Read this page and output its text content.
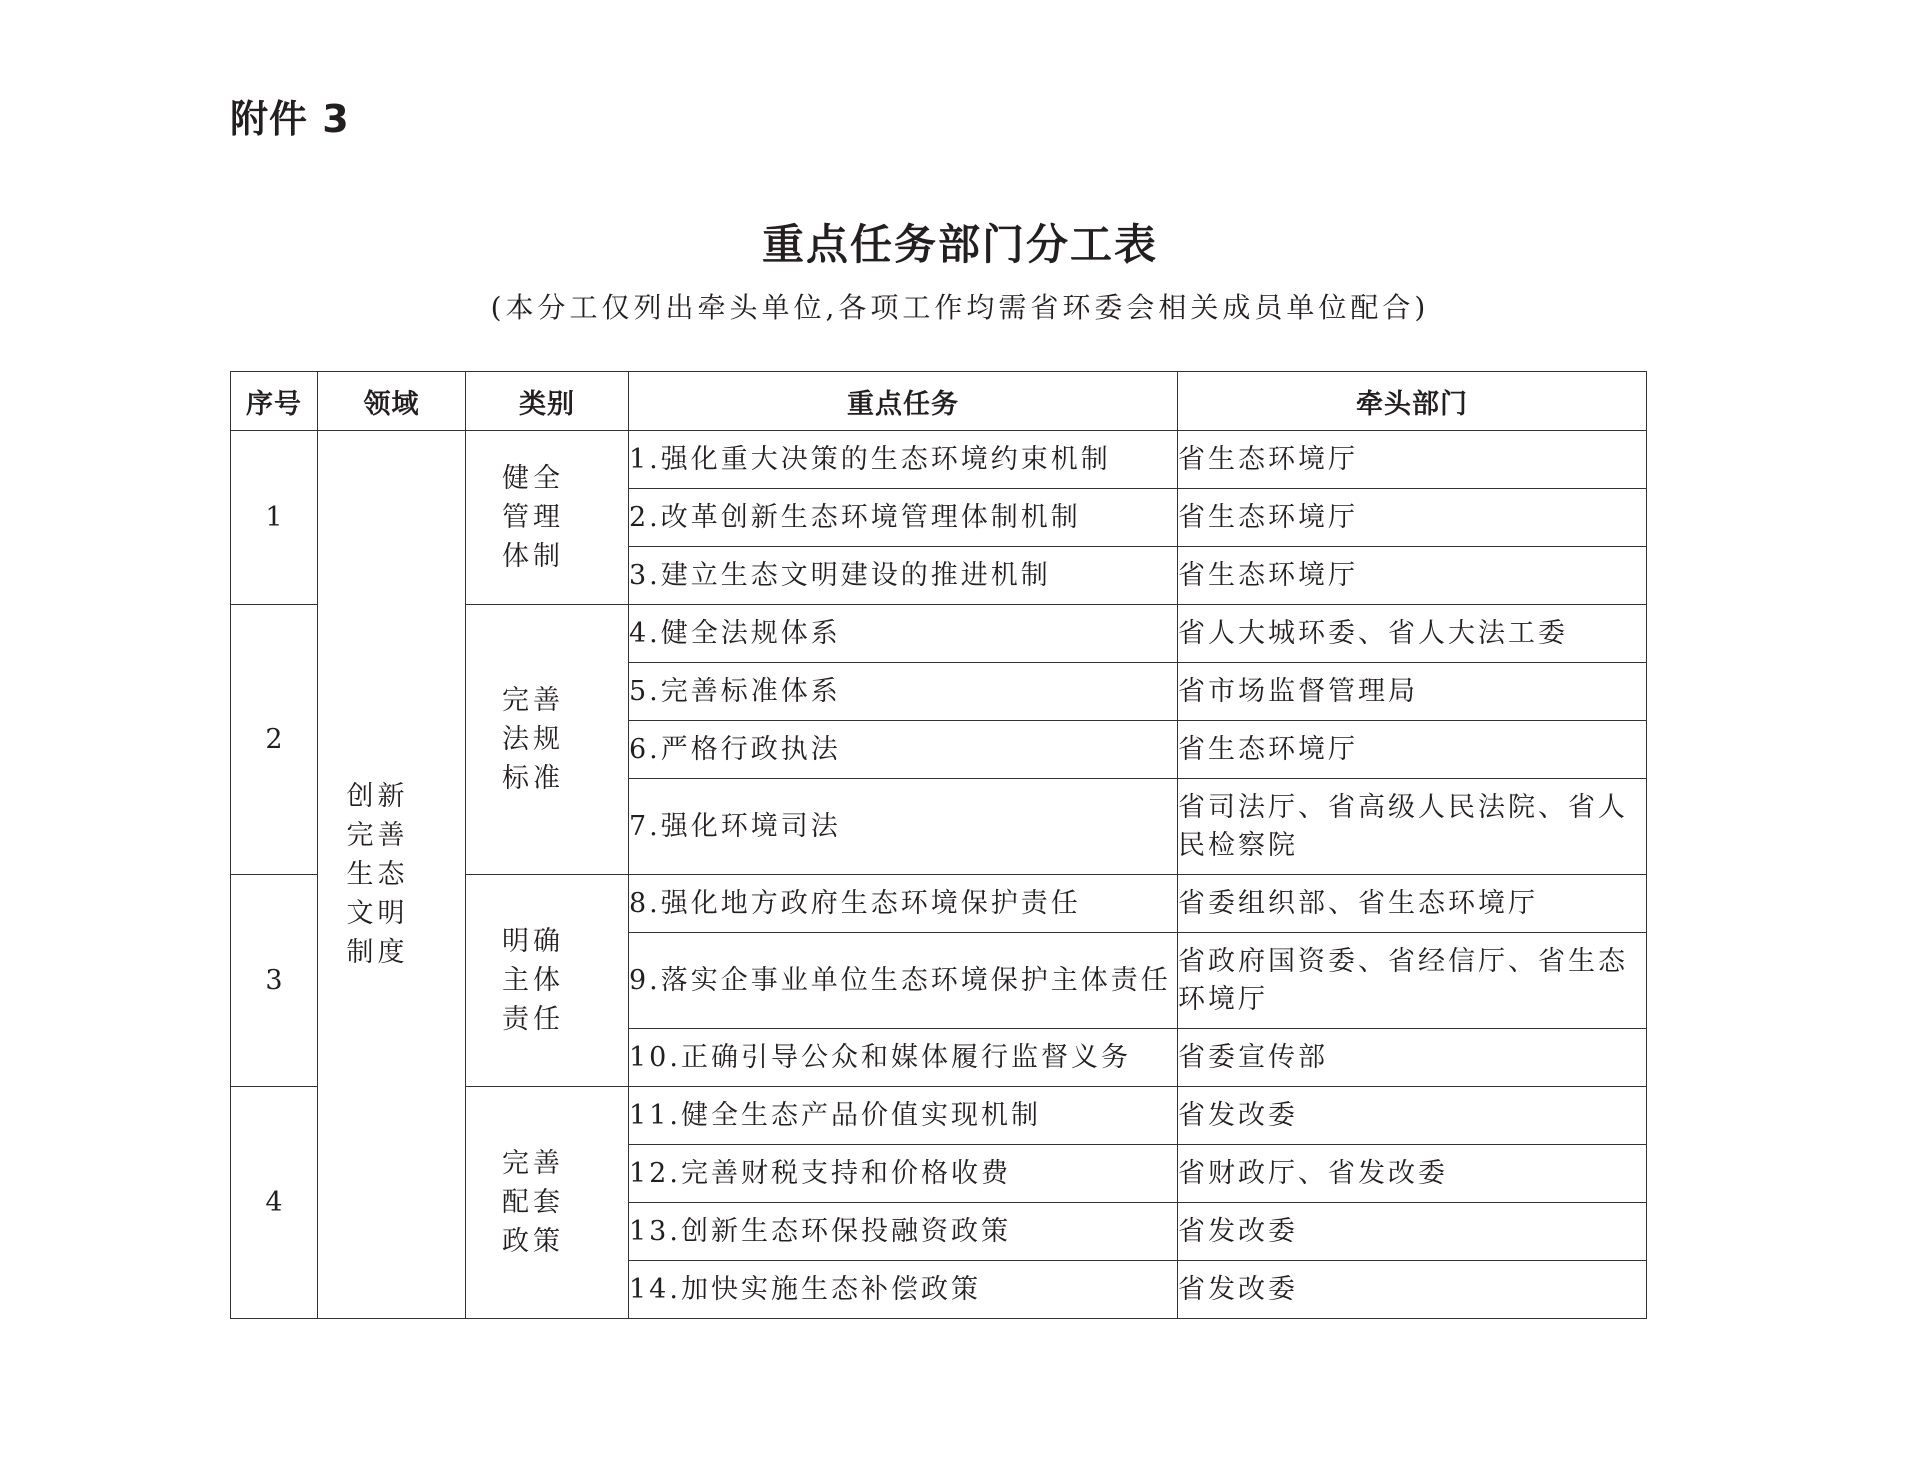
附件 3
重点任务部门分工表
(本分工仅列出牵头单位,各项工作均需省环委会相关成员单位配合)
序号	领域	类别	重点任务	牵头部门
1	创新完善生态文明制度	健全管理体制	1.强化重大决策的生态环境约束机制	省生态环境厅
			2.改革创新生态环境管理体制机制	省生态环境厅
			3.建立生态文明建设的推进机制	省生态环境厅
2		完善法规标准	4.健全法规体系	省人大城环委、省人大法工委
			5.完善标准体系	省市场监督管理局
			6.严格行政执法	省生态环境厅
			7.强化环境司法	省司法厅、省高级人民法院、省人民检察院
3		明确主体责任	8.强化地方政府生态环境保护责任	省委组织部、省生态环境厅
			9.落实企事业单位生态环境保护主体责任	省政府国资委、省经信厅、省生态环境厅
			10.正确引导公众和媒体履行监督义务	省委宣传部
4		完善配套政策	11.健全生态产品价值实现机制	省发改委
			12.完善财税支持和价格收费	省财政厅、省发改委
			13.创新生态环保投融资政策	省发改委
			14.加快实施生态补偿政策	省发改委
